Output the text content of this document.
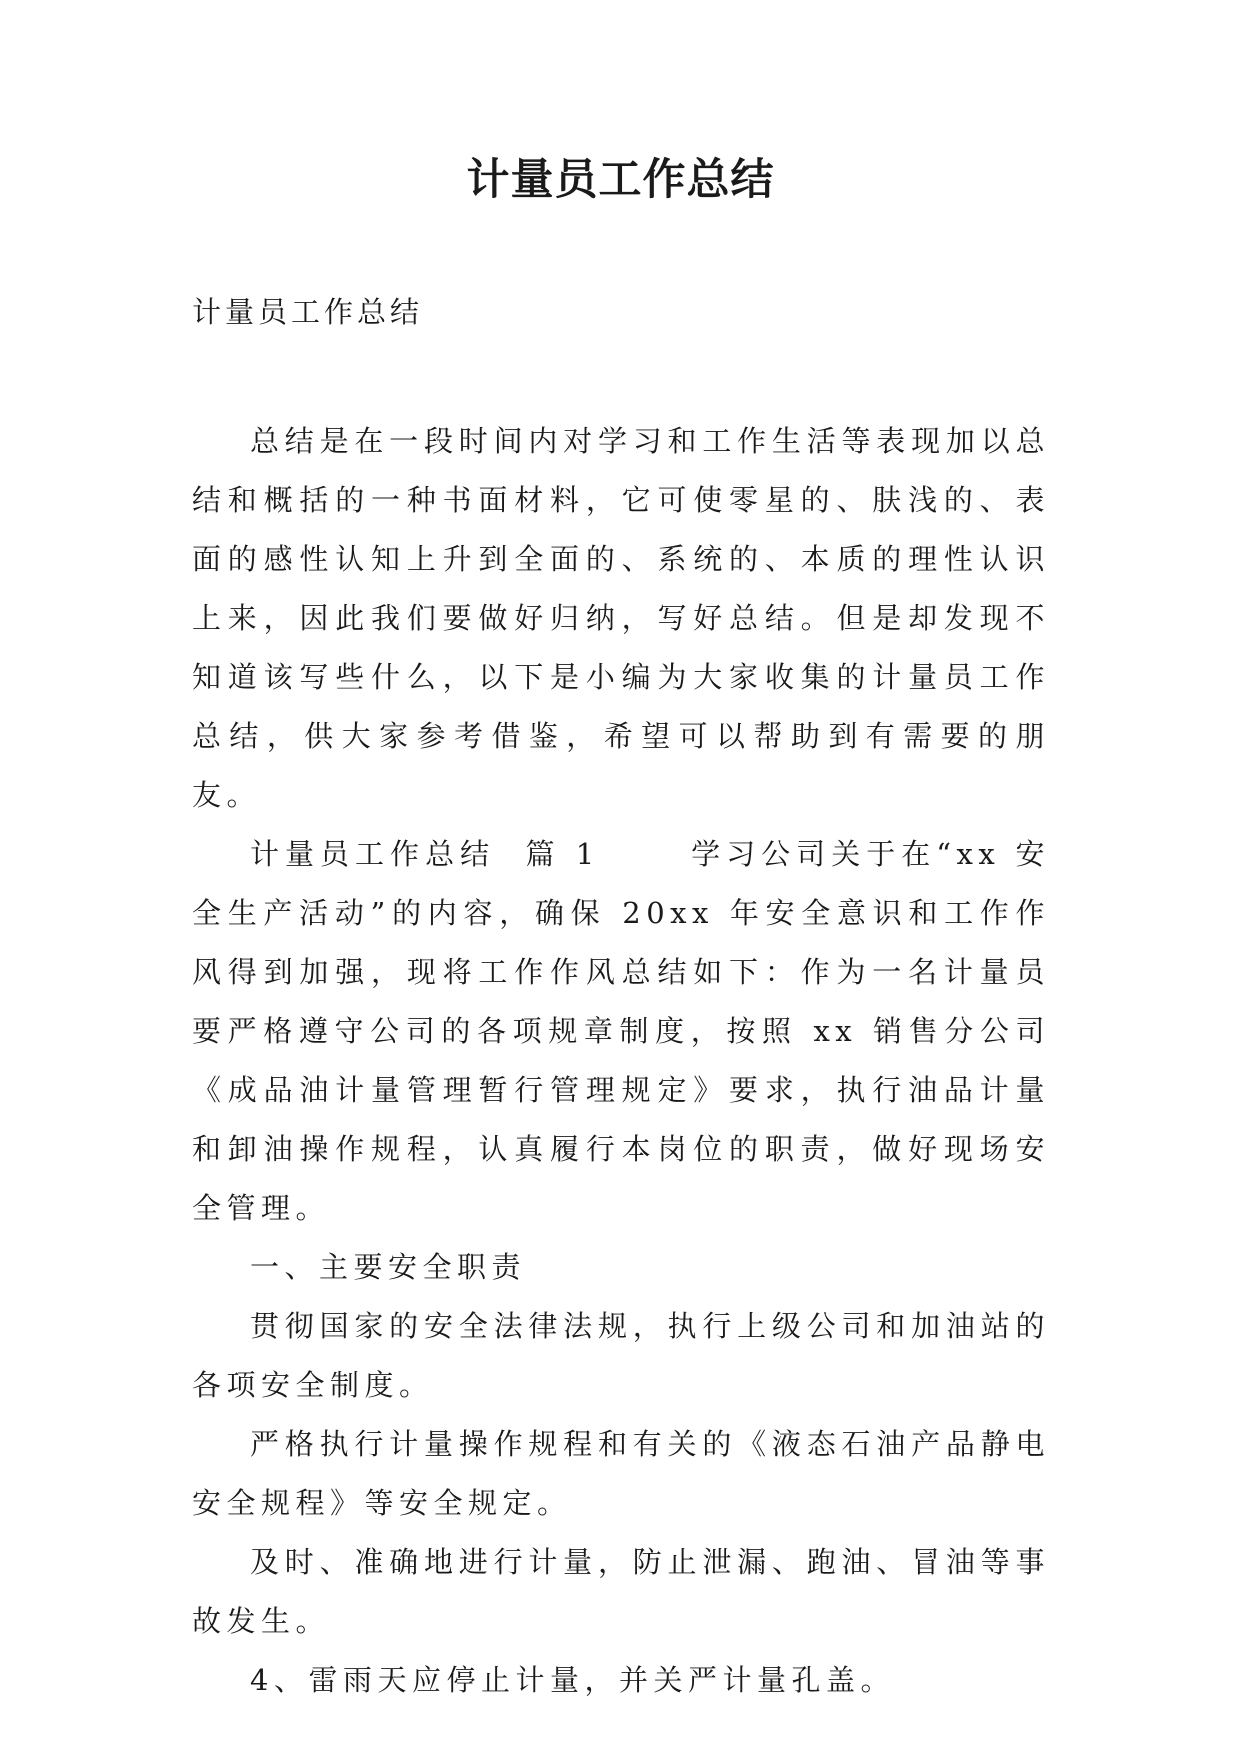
计量员工作总结

计量员工作总结

总结是在一段时间内对学习和工作生活等表现加以总结和概括的一种书面材料，它可使零星的、肤浅的、表面的感性认知上升到全面的、系统的、本质的理性认识上来，因此我们要做好归纳，写好总结。但是却发现不知道该写些什么，以下是小编为大家收集的计量员工作总结，供大家参考借鉴，希望可以帮助到有需要的朋友。

计量员工作总结  篇 1      学习公司关于在“xx 安全生产活动”的内容，确保 20xx 年安全意识和工作作风得到加强，现将工作作风总结如下：作为一名计量员要严格遵守公司的各项规章制度，按照 xx 销售分公司《成品油计量管理暂行管理规定》要求，执行油品计量和卸油操作规程，认真履行本岗位的职责，做好现场安全管理。

一、主要安全职责

贯彻国家的安全法律法规，执行上级公司和加油站的各项安全制度。

严格执行计量操作规程和有关的《液态石油产品静电安全规程》等安全规定。

及时、准确地进行计量，防止泄漏、跑油、冒油等事故发生。

4、雷雨天应停止计量，并关严计量孔盖。
